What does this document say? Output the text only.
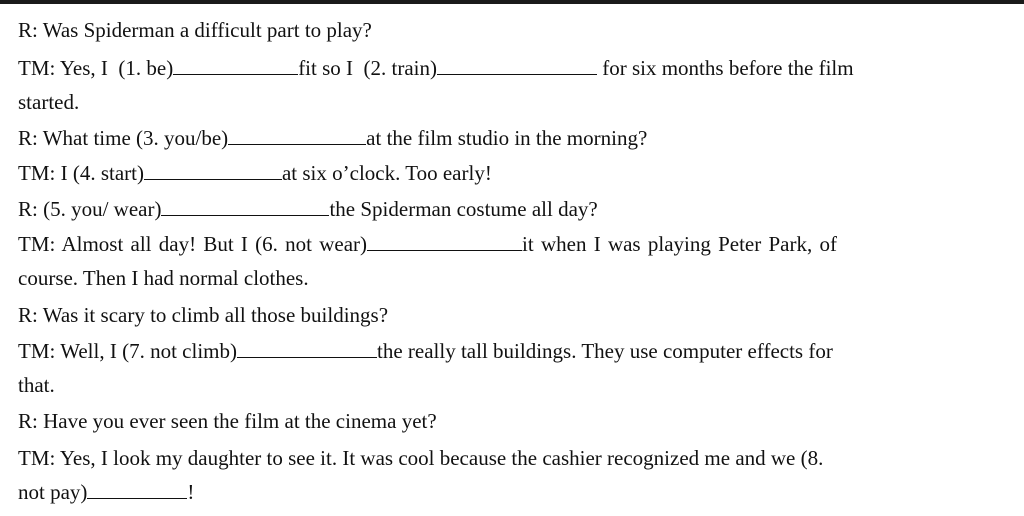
R: Was Spiderman a difficult part to play?
TM: Yes, I  (1. be)	fit so I  (2. train)	for six months before the film
started.
R: What time (3. you/be)	at the film studio in the morning?
TM: I (4. start)	at six o’clock. Too early!
R: (5. you/ wear)	the Spiderman costume all day?
TM: Almost all day! But I (6. not wear)	it when I was playing Peter Park, of
course. Then I had normal clothes.
R: Was it scary to climb all those buildings?
TM: Well, I (7. not climb)	the really tall buildings. They use computer effects for
that.
R: Have you ever seen the film at the cinema yet?
TM: Yes, I look my daughter to see it. It was cool because the cashier recognized me and we (8.
not pay)	!
